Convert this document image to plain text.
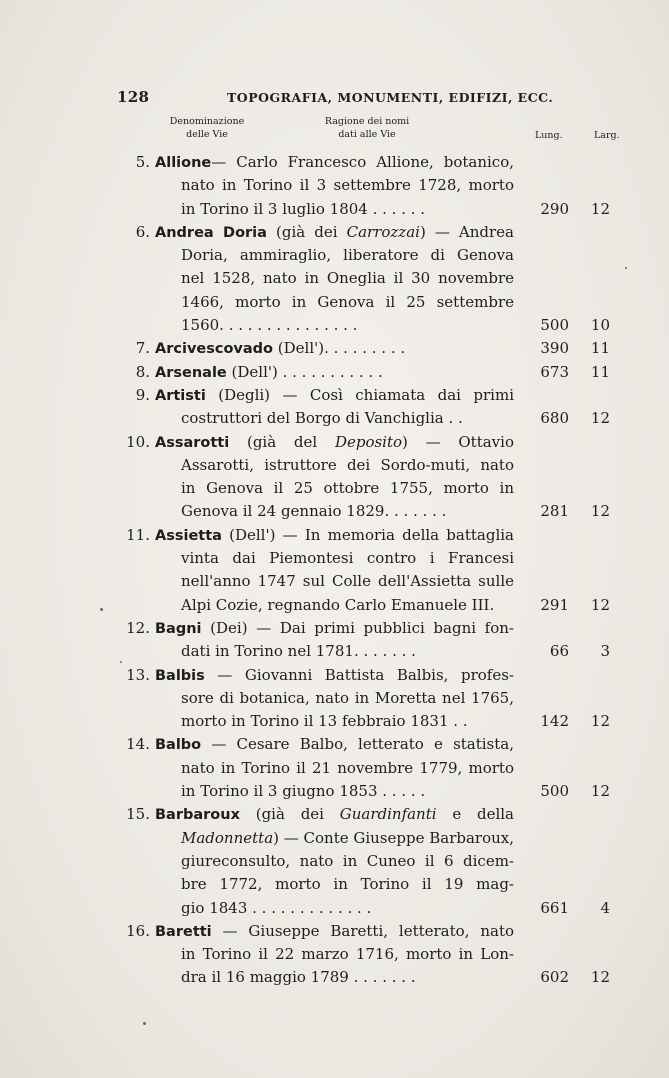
128	TOPOGRAFIA, MONUMENTI, EDIFIZI, ECC.
Denominazione
delle Vie
Ragione dei nomi
dati alle Vie	Lung.	Larg.
5. Allione— Carlo Francesco Allione, botanico,
nato in Torino il 3 settembre 1728, morto
in Torino il 3 luglio 1804 . . . . . .	290 12
6. Andrea Doria (già dei Carrozzai) — Andrea
Doria, ammiraglio, liberatore di Genova
nel 1528, nato in Oneglia il 30 novembre
1466, morto in Genova il 25 settembre
1560. . . . . . . . . . . . . . .	500 10
7. Arcivescovado (Dell'). . . . . . . . .	390 11
8. Arsenale (Dell') . . . . . . . . . . .	673 11
9. Artisti (Degli) — Così chiamata dai primi
costruttori del Borgo di Vanchiglia . .	680 12
10. Assarotti (già del Deposito) — Ottavio
Assarotti, istruttore dei Sordo-muti, nato
in Genova il 25 ottobre 1755, morto in
Genova il 24 gennaio 1829. . . . . . .	281 12
11. Assietta (Dell') — In memoria della battaglia
vinta dai Piemontesi contro i Francesi
nell'anno 1747 sul Colle dell'Assietta sulle
Alpi Cozie, regnando Carlo Emanuele III.	291 12
12. Bagni (Dei) — Dai primi pubblici bagni fon-
dati in Torino nel 1781. . . . . . .	66	3
13. Balbis — Giovanni Battista Balbis, profes-
sore di botanica, nato in Moretta nel 1765,
morto in Torino il 13 febbraio 1831 . .	142 12
14. Balbo — Cesare Balbo, letterato e statista,
nato in Torino il 21 novembre 1779, morto
in Torino il 3 giugno 1853 . . . . .	500 12
15. Barbaroux (già dei Guardinfanti e della
Madonnetta) — Conte Giuseppe Barbaroux,
giureconsulto, nato in Cuneo il 6 dicem-
bre 1772, morto in Torino il 19 mag-
gio 1843 . . . . . . . . . . . . .	661	4
16. Baretti — Giuseppe Baretti, letterato, nato
in Torino il 22 marzo 1716, morto in Lon-
dra il 16 maggio 1789 . . . . . . .	602 12
